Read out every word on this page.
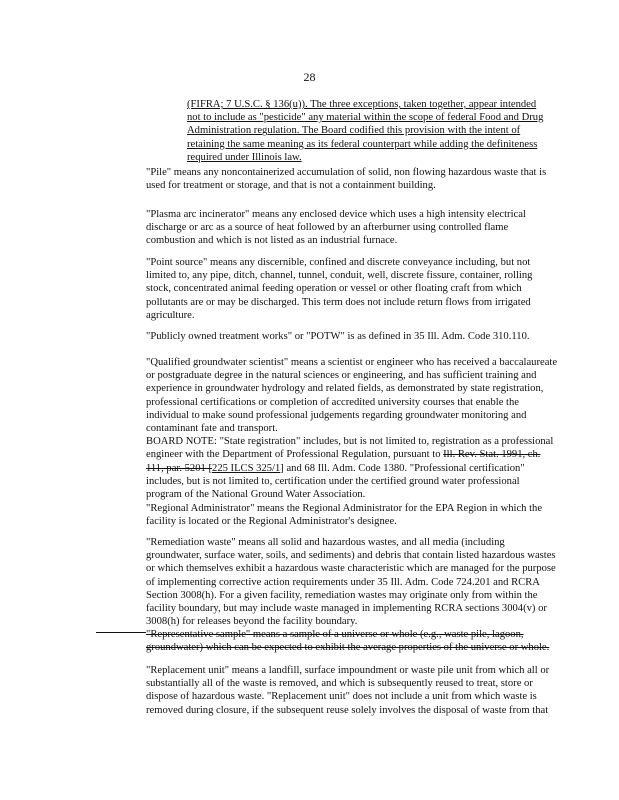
28
(FIFRA; 7 U.S.C. § 136(u)). The three exceptions, taken together, appear intended
not to include as "pesticide" any material within the scope of federal Food and Drug
Administration regulation. The Board codified this provision with the intent of
retaining the same meaning as its federal counterpart while adding the definiteness
required under Illinois law.
"Pile" means any noncontainerized accumulation of solid, non flowing hazardous waste that is
used for treatment or storage, and that is not a containment building.
"Plasma arc incinerator" means any enclosed device which uses a high intensity electrical
discharge or arc as a source of heat followed by an afterburner using controlled flame
combustion and which is not listed as an industrial furnace.
"Point source" means any discernible, confined and discrete conveyance including, but not
limited to, any pipe, ditch, channel, tunnel, conduit, well, discrete fissure, container, rolling
stock, concentrated animal feeding operation or vessel or other floating craft from which
pollutants are or may be discharged. This term does not include return flows from irrigated
agriculture.
"Publicly owned treatment works" or "POTW" is as defined in 35 Ill. Adm. Code 310.110.
"Qualified groundwater scientist" means a scientist or engineer who has received a baccalaureate
or postgraduate degree in the natural sciences or engineering, and has sufficient training and
experience in groundwater hydrology and related fields, as demonstrated by state registration,
professional certifications or completion of accredited university courses that enable the
individual to make sound professional judgements regarding groundwater monitoring and
contaminant fate and transport.
BOARD NOTE: "State registration" includes, but is not limited to, registration as a professional
engineer with the Department of Professional Regulation, pursuant to Ill. Rev. Stat. 1991, ch.
111, par. 5201 [225 ILCS 325/1] and 68 Ill. Adm. Code 1380. "Professional certification"
includes, but is not limited to, certification under the certified ground water professional
program of the National Ground Water Association.
"Regional Administrator" means the Regional Administrator for the EPA Region in which the
facility is located or the Regional Administrator's designee.
"Remediation waste" means all solid and hazardous wastes, and all media (including
groundwater, surface water, soils, and sediments) and debris that contain listed hazardous wastes
or which themselves exhibit a hazardous waste characteristic which are managed for the purpose
of implementing corrective action requirements under 35 Ill. Adm. Code 724.201 and RCRA
Section 3008(h). For a given facility, remediation wastes may originate only from within the
facility boundary, but may include waste managed in implementing RCRA sections 3004(v) or
3008(h) for releases beyond the facility boundary.
"Representative sample" means a sample of a universe or whole (e.g., waste pile, lagoon,
groundwater) which can be expected to exhibit the average properties of the universe or whole.
"Replacement unit" means a landfill, surface impoundment or waste pile unit from which all or
substantially all of the waste is removed, and which is subsequently reused to treat, store or
dispose of hazardous waste. "Replacement unit" does not include a unit from which waste is
removed during closure, if the subsequent reuse solely involves the disposal of waste from that
